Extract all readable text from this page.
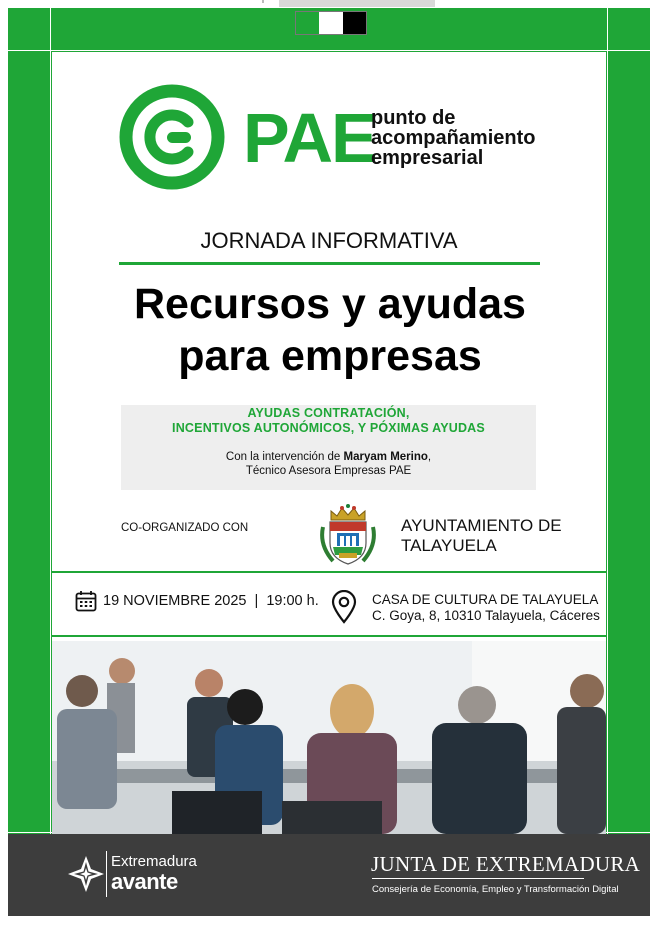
PAE
punto de
acompañamiento
empresarial
JORNADA INFORMATIVA
Recursos y ayudas
para empresas
AYUDAS CONTRATACIÓN,
INCENTIVOS AUTONÓMICOS, Y PÓXIMAS AYUDAS
Con la intervención de Maryam Merino,
Técnico Asesora Empresas PAE
CO-ORGANIZADO CON	AYUNTAMIENTO DE
TALAYUELA
19 NOVIEMBRE 2025 | 19:00 h.	CASA DE CULTURA DE TALAYUELA
C. Goya, 8, 10310 Talayuela, Cáceres
Extremadura
avante
JUNTA DE EXTREMADURA
Consejería de Economía, Empleo y Transformación Digital
